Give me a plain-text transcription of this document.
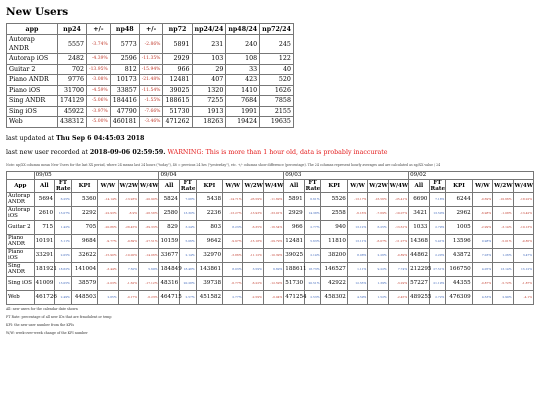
New Users
app	np24	+/-	np48	+/-	np72	np24/24	np48/24	np72/24
Autorap ANDR	5557	-3.74%	5773	-2.86%	5891	231	240	245
Autorap iOS	2482	-4.39%	2596	-11.35%	2929	103	108	122
Guitar 2	702	-13.95%	812	-15.94%	966	29	33	40
Piano ANDR	9776	-3.08%	10173	-21.48%	12481	407	423	520
Piano iOS	31700	-4.59%	33857	-11.54%	39025	1320	1410	1626
Sing ANDR	174129	-5.06%	184416	-1.55%	188615	7255	7684	7858
Sing iOS	45922	-3.97%	47790	-7.66%	51730	1913	1991	2155
Web	438312	-5.00%	460181	-3.46%	471262	18263	19424	19635

last updated at Thu Sep 6 04:45:03 2018

last new user recorded at 2018-09-06 02:59:59. WARNING: This is more than 1 hour old, data is probably inaccurate

Note: np/XX columns mean New Users for the last XX period, where 24 means last 24 hours ("today"), 48 = previous 24 hrs ("yesterday"), etc. +/- columns show difference (percentage). The 24 columns represent hourly averages and are calculated as np/XX value / 24

	09/05						09/04						09/03						09/02					
App	All	FT Rate	KPI	W/W	W/2W	W/4W	All	FT Rate	KPI	W/W	W/2W	W/4W	All	FT Rate	KPI	W/W	W/2W	W/4W	All	FT Rate	KPI	W/W	W/2W	W/4W
Autorap ANDR	5694	6.25%	5360	-14.14%	-13.93%	-20.90%	5824	7.08%	5438	-14.71%	-23.59%	-11.69%	5891	6.61%	5526	-13.17%	-16.56%	-25.41%	6690	7.18%	6244	-0.69%	-10.66%	-18.22%
Autorap iOS	2610	13.07%	2292	-22.93%	-8.9%	-26.58%	2580	13.30%	2236	-13.27%	-13.93%	-33.91%	2929	14.38%	2558	-6.16%	-7.69%	-19.07%	3421	13.50%	2962	-6.98%	-1.08%	-13.42%
Guitar 2	715	1.42%	705	-20.86%	-28.45%	-39.33%	829	3.24%	803	8.23%	-6.35%	-16.54%	966	2.77%	940	13.12%	6.25%	-13.61%	1033	2.79%	1005	-2.99%	-3.14%	-19.13%
Piano ANDR	10191	5.11%	9684	-9.77%	-9.69%	-27.51%	10159	5.06%	9642	-9.97%	-15.18%	-29.79%	12481	5.63%	11810	13.11%	-6.07%	-11.27%	14368	5.41%	13596	0.98%	-5.01%	-9.85%
Piano iOS	33291	2.05%	32622	-15.90%	-10.00%	-14.06%	33677	2.14%	32970	-3.86%	-11.12%	-10.39%	39025	2.14%	38200	8.08%	2.26%	-0.89%	44862	2.20%	43872	7.03%	1.26%	3.47%
Sing ANDR	181921	18.62%	141004	-3.44%	7.50%	5.69%	184849	18.48%	143861	8.03%	3.59%	6.69%	188611	18.73%	146527	1.11%	9.22%	7.74%	212295	27.51%	166750	4.05%	13.14%	13.12%
Sing iOS	41009	13.05%	38579	-2.03%	-1.62%	-17.12%	48316	20.28%	39738	-6.77%	-6.22%	-12.59%	51730	20.51%	42922	12.55%	1.39%	-3.29%	57227	21.19%	44355	-0.87%	-5.72%	-1.87%
Web	461726	2.49%	448503	2.65%	-0.17%	-6.23%	464715	2.57%	451582	2.77%	-2.59%	-0.04%	471254	2.53%	458302	4.59%	1.52%	-2.45%	489255	2.72%	476309	4.53%	2.99%	-4.1%

All: new users for the calendar date shown

FT Rate: percentage of all new IDs that are fraudulent or temp

KPI: the new user number from the KPIs

W/W: week-over-week change of the KPI number
